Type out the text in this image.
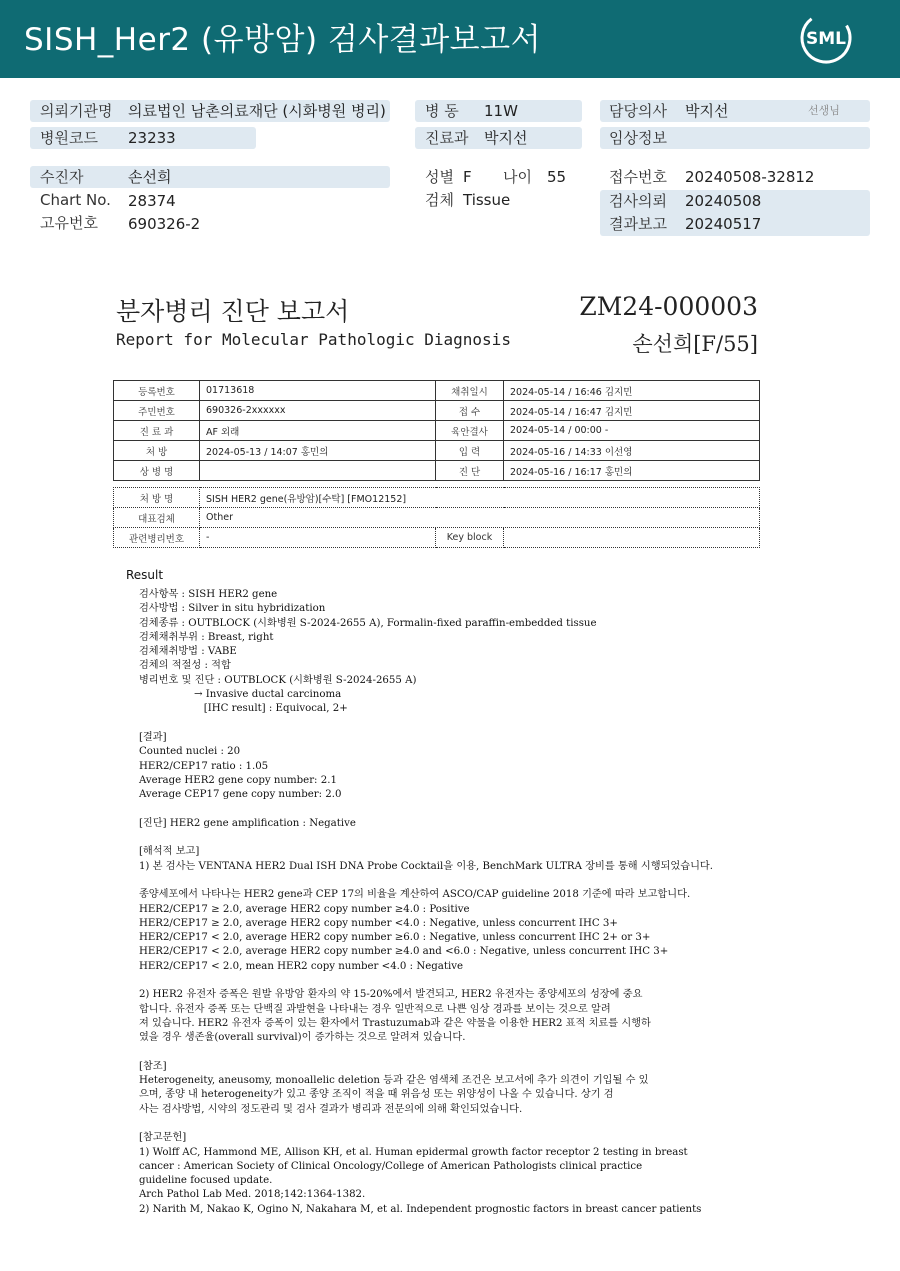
SISH_Her2 (유방암) 검사결과보고서	SML
의뢰기관명 의료법인 남촌의료재단 (시화병원 병리)
병원코드 23233
병 동 11W
진료과 박지선
담당의사 박지선	선생님
임상정보
수진자	손선희
Chart No. 28374
고유번호 690326-2
성별 F 나이 55
검체 Tissue
접수번호 20240508-32812
검사의뢰 20240508
결과보고 20240517
분자병리 진단 보고서
Report for Molecular Pathologic Diagnosis
ZM24-000003
손선희[F/55]
등록번호	01713618	채취일시	2024-05-14 / 16:46 김지민
주민번호	690326-2xxxxxx	접 수	2024-05-14 / 16:47 김지민
진 료 과	AF 외래	육안결사	2024-05-14 / 00:00 -
처 방	2024-05-13 / 14:07 홍민의	입 력	2024-05-16 / 14:33 이선영
상 병 명		진 단	2024-05-16 / 16:17 홍민의
처 방 명	SISH HER2 gene(유방암)[수탁] [FMO12152]		
대표검체	Other		
관련병리번호	-	Key block	
Result
검사항목 : SISH HER2 gene
검사방법 : Silver in situ hybridization
검체종류 : OUTBLOCK (시화병원 S-2024-2655 A), Formalin-fixed paraffin-embedded tissue
검체채취부위 : Breast, right
검체채취방법 : VABE
검체의 적절성 : 적합
병리번호 및 진단 : OUTBLOCK (시화병원 S-2024-2655 A)
→ Invasive ductal carcinoma
[IHC result] : Equivocal, 2+
[결과]
Counted nuclei : 20
HER2/CEP17 ratio : 1.05
Average HER2 gene copy number: 2.1
Average CEP17 gene copy number: 2.0
[진단] HER2 gene amplification : Negative
[해석적 보고]
1) 본 검사는 VENTANA HER2 Dual ISH DNA Probe Cocktail을 이용, BenchMark ULTRA 장비를 통해 시행되었습니다.
종양세포에서 나타나는 HER2 gene과 CEP 17의 비율을 계산하여 ASCO/CAP guideline 2018 기준에 따라 보고합니다.
HER2/CEP17 ≥ 2.0, average HER2 copy number ≥4.0 : Positive
HER2/CEP17 ≥ 2.0, average HER2 copy number <4.0 : Negative, unless concurrent IHC 3+
HER2/CEP17 < 2.0, average HER2 copy number ≥6.0 : Negative, unless concurrent IHC 2+ or 3+
HER2/CEP17 < 2.0, average HER2 copy number ≥4.0 and <6.0 : Negative, unless concurrent IHC 3+
HER2/CEP17 < 2.0, mean HER2 copy number <4.0 : Negative
2) HER2 유전자 증폭은 원발 유방암 환자의 약 15-20%에서 발견되고, HER2 유전자는 종양세포의 성장에 중요
합니다. 유전자 증폭 또는 단백질 과발현을 나타내는 경우 일반적으로 나쁜 임상 경과를 보이는 것으로 알려
져 있습니다. HER2 유전자 증폭이 있는 환자에서 Trastuzumab과 같은 약물을 이용한 HER2 표적 치료를 시행하
였을 경우 생존율(overall survival)이 증가하는 것으로 알려져 있습니다.
[참조]
Heterogeneity, aneusomy, monoallelic deletion 등과 같은 염색체 조건은 보고서에 추가 의견이 기입될 수 있
으며, 종양 내 heterogeneity가 있고 종양 조직이 적을 때 위음성 또는 위양성이 나올 수 있습니다. 상기 검
사는 검사방법, 시약의 정도관리 및 검사 결과가 병리과 전문의에 의해 확인되었습니다.
[참고문헌]
1) Wolff AC, Hammond ME, Allison KH, et al. Human epidermal growth factor receptor 2 testing in breast
cancer : American Society of Clinical Oncology/College of American Pathologists clinical practice
guideline focused update.
Arch Pathol Lab Med. 2018;142:1364-1382.
2) Narith M, Nakao K, Ogino N, Nakahara M, et al. Independent prognostic factors in breast cancer patients
